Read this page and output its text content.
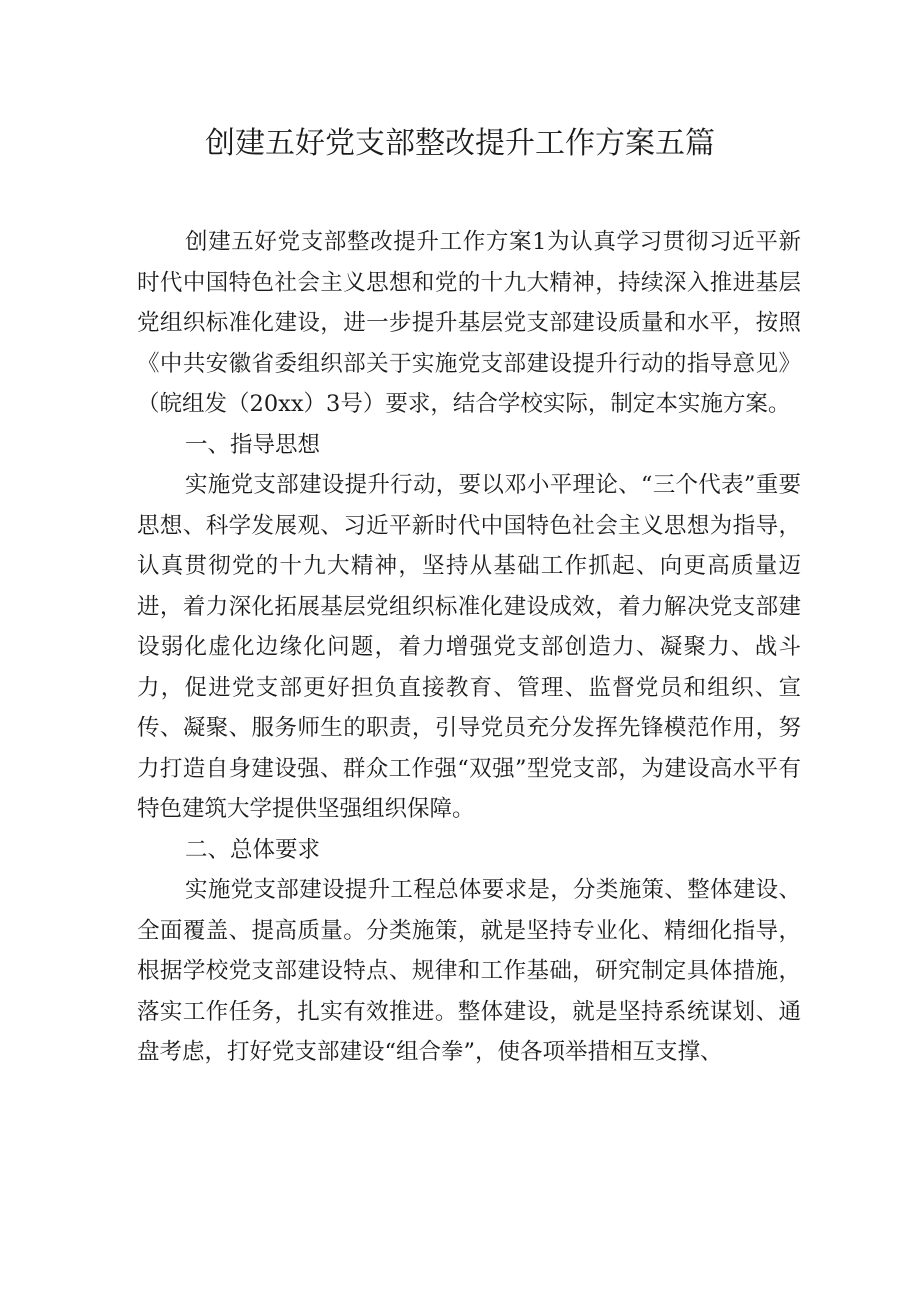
创建五好党支部整改提升工作方案五篇

创建五好党支部整改提升工作方案1为认真学习贯彻习近平新时代中国特色社会主义思想和党的十九大精神，持续深入推进基层党组织标准化建设，进一步提升基层党支部建设质量和水平，按照《中共安徽省委组织部关于实施党支部建设提升行动的指导意见》（皖组发（20xx）3号）要求，结合学校实际，制定本实施方案。

一、指导思想

实施党支部建设提升行动，要以邓小平理论、“三个代表”重要思想、科学发展观、习近平新时代中国特色社会主义思想为指导，认真贯彻党的十九大精神，坚持从基础工作抓起、向更高质量迈进，着力深化拓展基层党组织标准化建设成效，着力解决党支部建设弱化虚化边缘化问题，着力增强党支部创造力、凝聚力、战斗力，促进党支部更好担负直接教育、管理、监督党员和组织、宣传、凝聚、服务师生的职责，引导党员充分发挥先锋模范作用，努力打造自身建设强、群众工作强“双强”型党支部，为建设高水平有特色建筑大学提供坚强组织保障。

二、总体要求

实施党支部建设提升工程总体要求是，分类施策、整体建设、全面覆盖、提高质量。分类施策，就是坚持专业化、精细化指导，根据学校党支部建设特点、规律和工作基础，研究制定具体措施，落实工作任务，扎实有效推进。整体建设，就是坚持系统谋划、通盘考虑，打好党支部建设“组合拳”，使各项举措相互支撑、
